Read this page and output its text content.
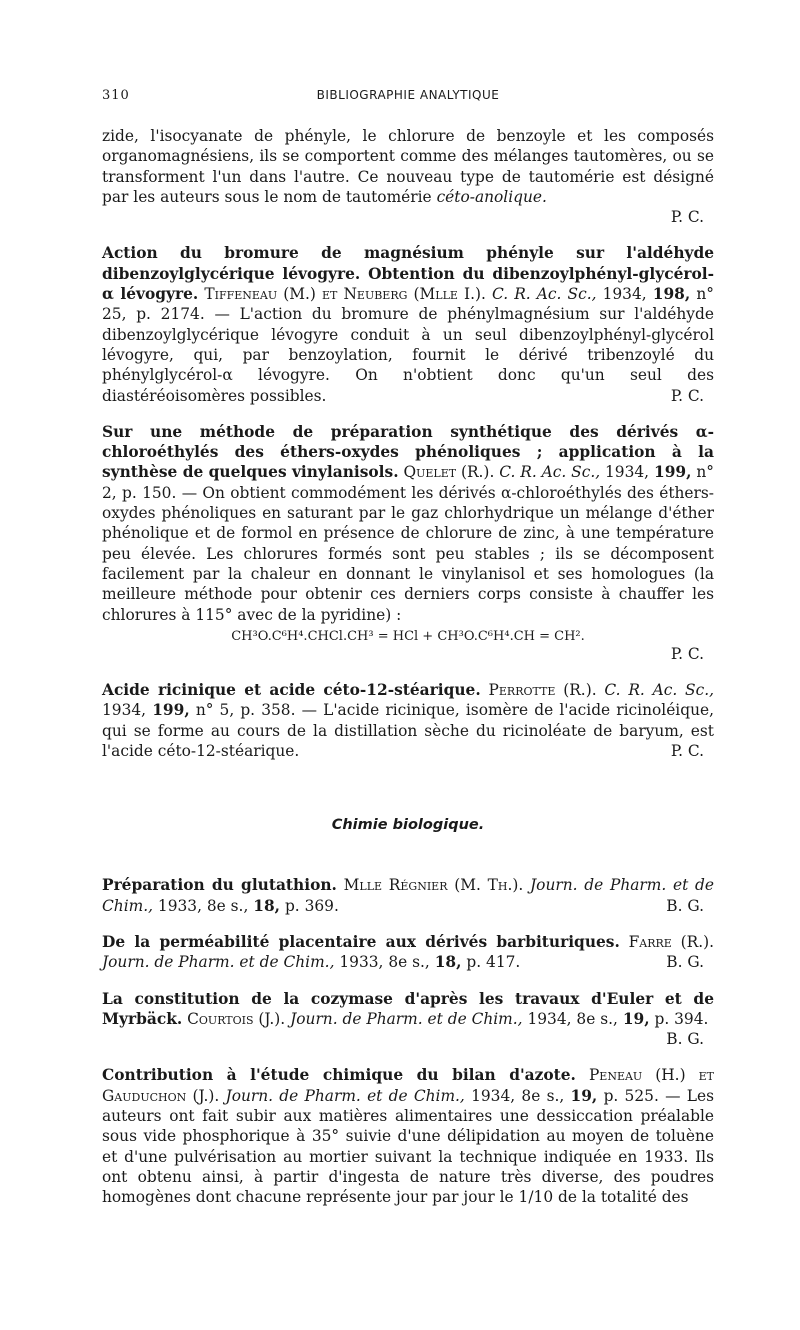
310	BIBLIOGRAPHIE ANALYTIQUE

zide, l'isocyanate de phényle, le chlorure de benzoyle et les composés organomagnésiens, ils se comportent comme des mélanges tautomères, ou se transforment l'un dans l'autre. Ce nouveau type de tautomérie est désigné par les auteurs sous le nom de tautomérie céto-anolique.

P. C.

Action du bromure de magnésium phényle sur l'aldéhyde dibenzoylglycérique lévogyre. Obtention du dibenzoylphényl-glycérol-α lévogyre. Tiffeneau (M.) et Neuberg (Mlle I.). C. R. Ac. Sc., 1934, 198, n° 25, p. 2174. — L'action du bromure de phénylmagnésium sur l'aldéhyde dibenzoylglycérique lévogyre conduit à un seul dibenzoylphényl-glycérol lévogyre, qui, par benzoylation, fournit le dérivé tribenzoylé du phénylglycérol-α lévogyre. On n'obtient donc qu'un seul des diastéréoisomères possibles.	P. C.

Sur une méthode de préparation synthétique des dérivés α-chloroéthylés des éthers-oxydes phénoliques ; application à la synthèse de quelques vinylanisols. Quelet (R.). C. R. Ac. Sc., 1934, 199, n° 2, p. 150. — On obtient commodément les dérivés α-chloroéthylés des éthers-oxydes phénoliques en saturant par le gaz chlorhydrique un mélange d'éther phénolique et de formol en présence de chlorure de zinc, à une température peu élevée. Les chlorures formés sont peu stables ; ils se décomposent facilement par la chaleur en donnant le vinylanisol et ses homologues (la meilleure méthode pour obtenir ces derniers corps consiste à chauffer les chlorures à 115° avec de la pyridine) :

CH³O.C⁶H⁴.CHCl.CH³ = HCl + CH³O.C⁶H⁴.CH = CH².
P. C.

Acide ricinique et acide céto-12-stéarique. Perrotte (R.). C. R. Ac. Sc., 1934, 199, n° 5, p. 358. — L'acide ricinique, isomère de l'acide ricinoléique, qui se forme au cours de la distillation sèche du ricinoléate de baryum, est l'acide céto-12-stéarique.	P. C.

Chimie biologique.

Préparation du glutathion. Mlle Régnier (M. Th.). Journ. de Pharm. et de Chim., 1933, 8e s., 18, p. 369.	B. G.

De la perméabilité placentaire aux dérivés barbituriques. Farre (R.). Journ. de Pharm. et de Chim., 1933, 8e s., 18, p. 417.	B. G.

La constitution de la cozymase d'après les travaux d'Euler et de Myrbäck. Courtois (J.). Journ. de Pharm. et de Chim., 1934, 8e s., 19, p. 394.
B. G.

Contribution à l'étude chimique du bilan d'azote. Peneau (H.) et Gauduchon (J.). Journ. de Pharm. et de Chim., 1934, 8e s., 19, p. 525. — Les auteurs ont fait subir aux matières alimentaires une dessiccation préalable sous vide phosphorique à 35° suivie d'une délipidation au moyen de toluène et d'une pulvérisation au mortier suivant la technique indiquée en 1933. Ils ont obtenu ainsi, à partir d'ingesta de nature très diverse, des poudres homogènes dont chacune représente jour par jour le 1/10 de la totalité des
